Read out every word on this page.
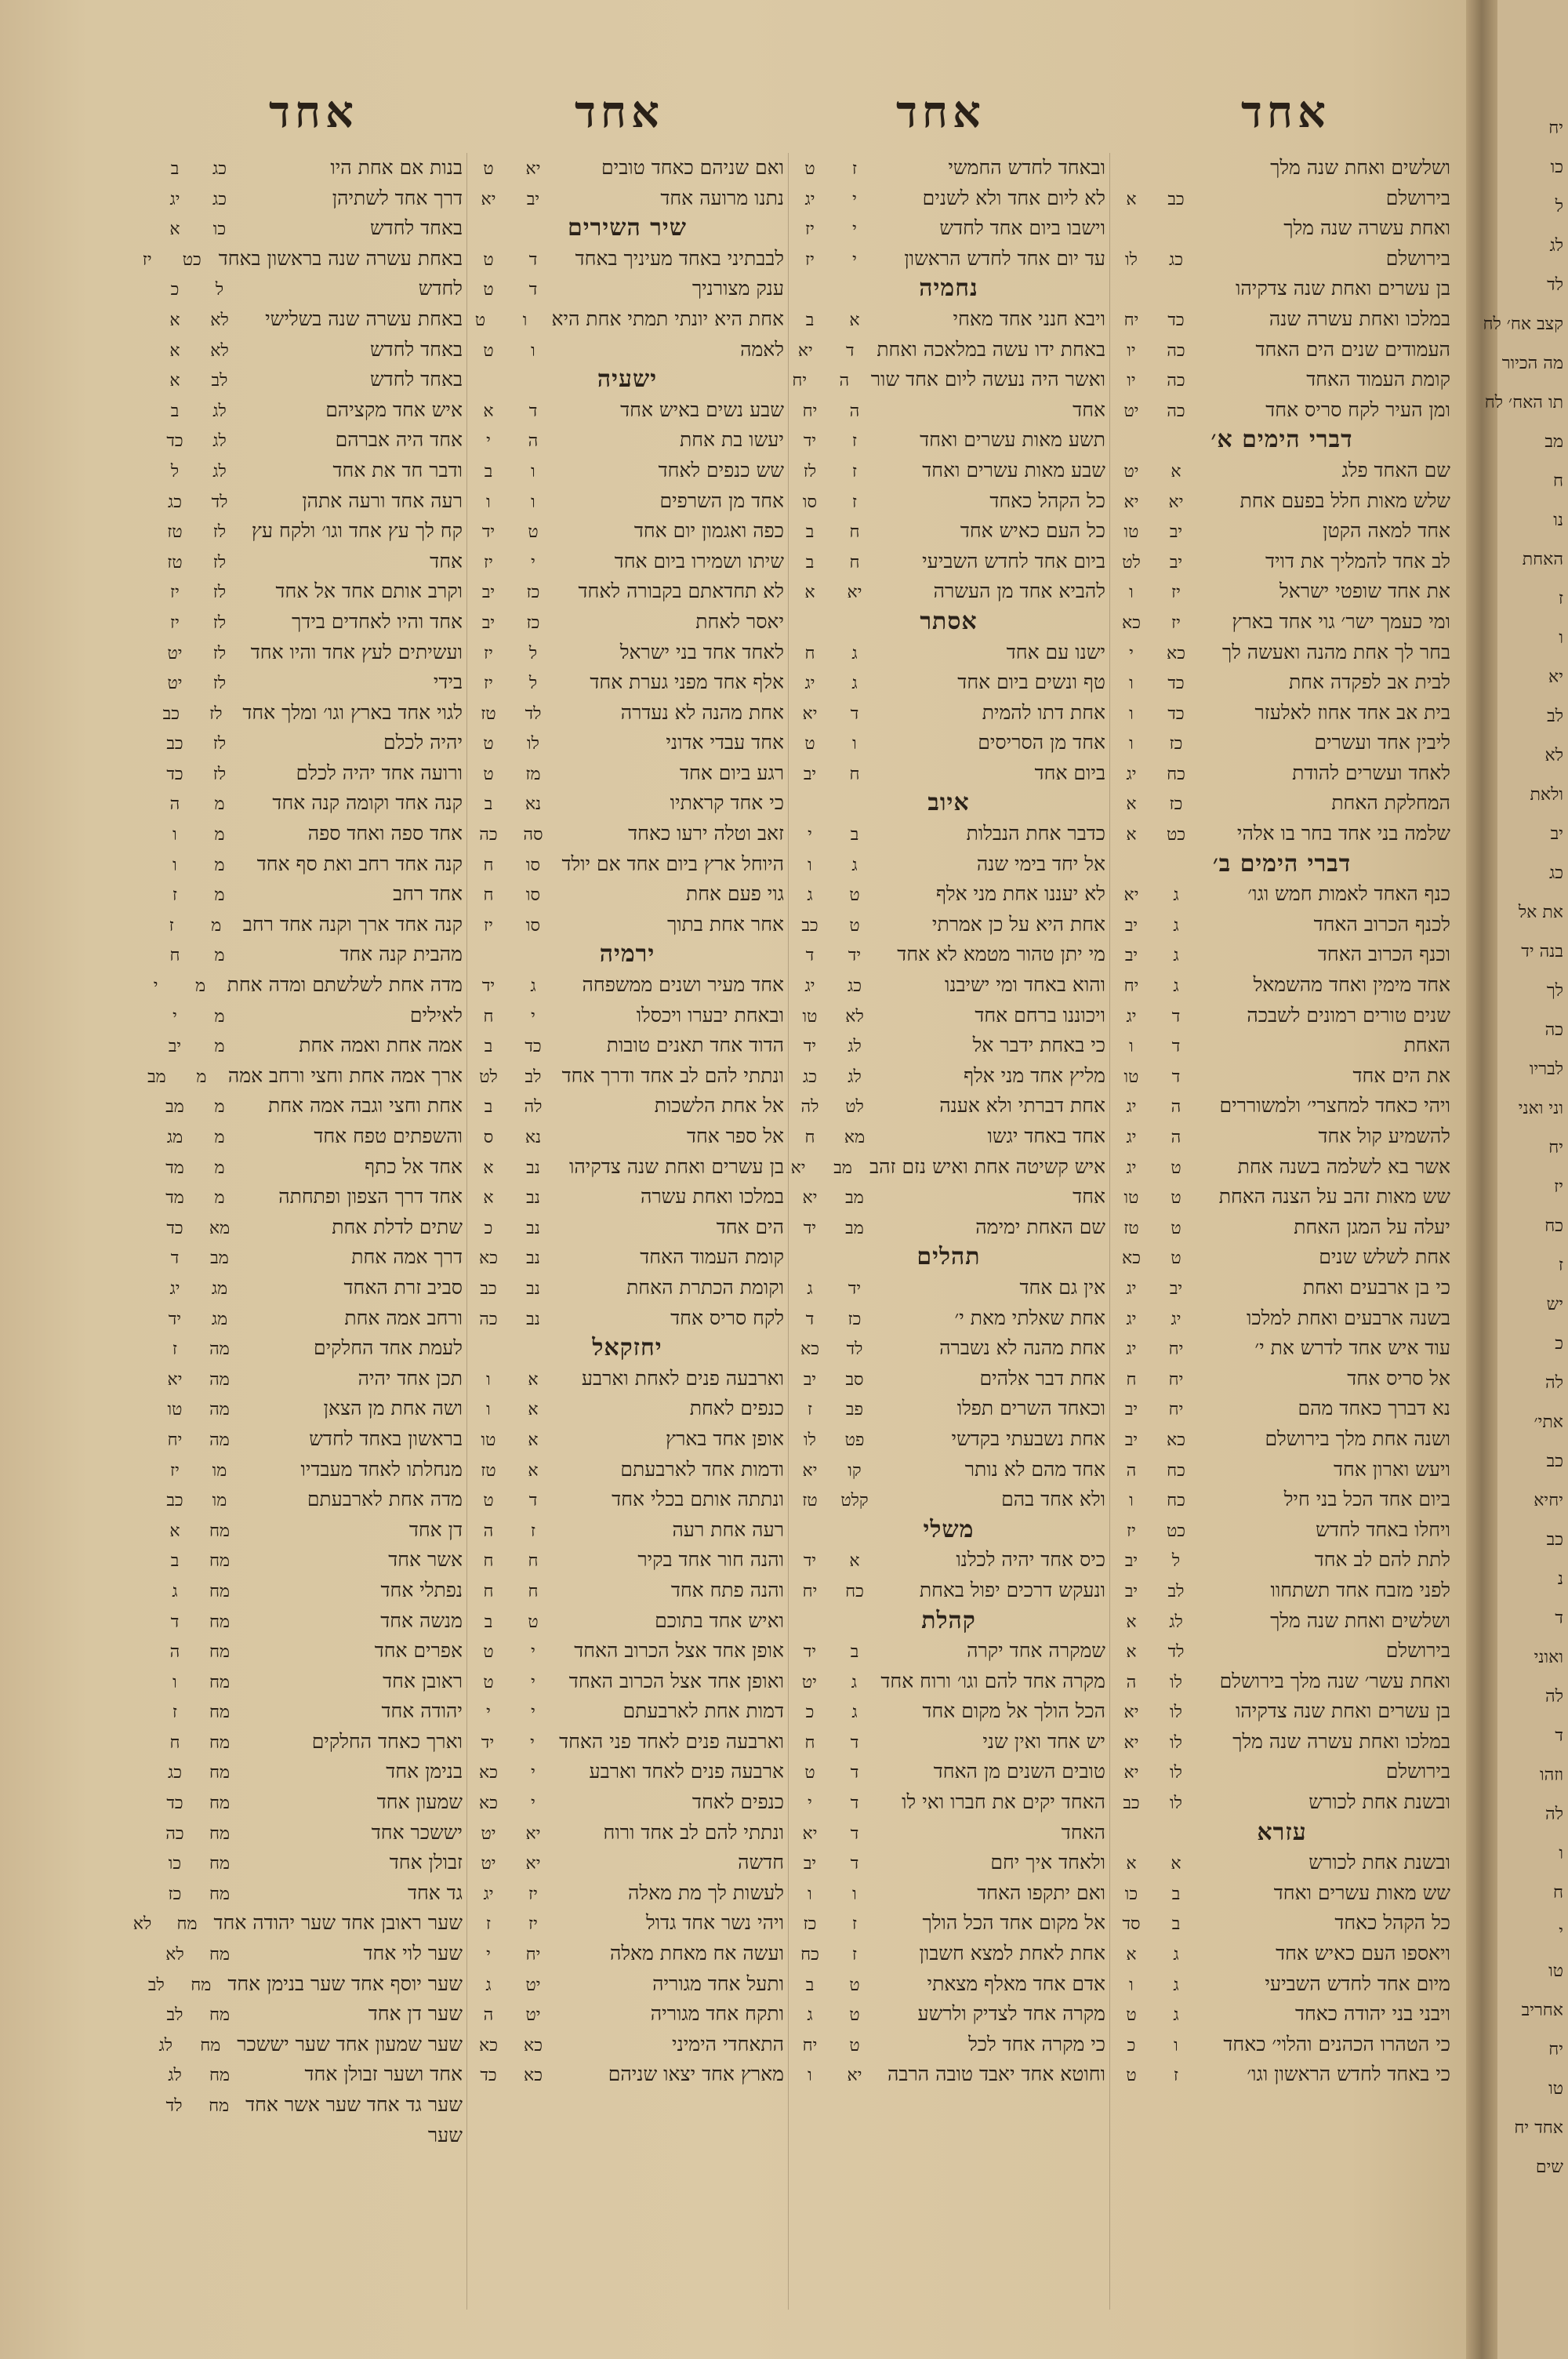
יח
כו
ל
לג
לד
קצב אח׳ לח
מה הכיור
תו האח׳ לח
מב
ח
נו
האחת
ז
ו
יא
לב
לא
ולאת
יב
כג
את אל
בנה יד
לך
כה
לבריו
וני ואני
יח
יז
כח
ז
יש
כ
לה
אתי׳
כב
יחיא
כב
נ
ד
ואוני
לה
ד
וזהו
לה
ו
ח
י
טו
אחריב
יח
טו
אחד יח
שים
אחד
אחד
אחד
אחד
ושלשים ואחת שנה מלך
בירושלם
כב
א
ואחת עשרה שנה מלך
בירושלם
כג
לו
בן עשרים ואחת שנה צדקיהו
במלכו ואחת עשרה שנה
כד
יח
העמודים שנים הים האחד
כה
יו
קומת העמוד האחד
כה
יו
ומן העיר לקח סריס אחד
כה
יט
דברי הימים א׳
שם האחד פלג
א
יט
שלש מאות חלל בפעם אחת
יא
יא
אחד למאה הקטן
יב
טו
לב אחד להמליך את דויד
יב
לט
את אחד שופטי ישראל
יז
ו
ומי כעמך ישר׳ גוי אחד בארץ
יז
כא
בחר לך אחת מהנה ואעשה לך
כא
י
לבית אב לפקדה אחת
כד
ו
בית אב אחד אחוז לאלעזר
כד
ו
ליבין אחד ועשרים
כז
ו
לאחד ועשרים להודת
כח
יג
המחלקת האחת
כז
א
שלמה בני אחד בחר בו אלהי
כט
א
דברי הימים ב׳
כנף האחד לאמות חמש וגו׳
ג
יא
לכנף הכרוב האחד
ג
יב
וכנף הכרוב האחד
ג
יב
אחד מימין ואחד מהשמאל
ג
יח
שנים טורים רמונים לשבכה
ד
יג
האחת
ד
ו
את הים אחד
ד
טו
ויהי כאחד למחצרי׳ ולמשוררים
ה
יג
להשמיע קול אחד
ה
יג
אשר בא לשלמה בשנה אחת
ט
יג
שש מאות זהב על הצנה האחת
ט
טו
יעלה על המגן האחת
ט
טז
אחת לשלש שנים
ט
כא
כי בן ארבעים ואחת
יב
יג
בשנה ארבעים ואחת למלכו
יג
יג
עוד איש אחד לדרש את י׳
יח
יג
אל סריס אחד
יח
ח
נא דברך כאחד מהם
יח
יב
ושנה אחת מלך בירושלם
כא
יב
ויעש וארון אחד
כח
ה
ביום אחד הכל בני חיל
כח
ו
ויחלו באחד לחדש
כט
יז
לתת להם לב אחד
ל
יב
לפני מזבח אחד תשתחוו
לב
יב
ושלשים ואחת שנה מלך
לג
א
בירושלם
לד
א
ואחת עשר׳ שנה מלך בירושלם
לו
ה
בן עשרים ואחת שנה צדקיהו
לו
יא
במלכו ואחת עשרה שנה מלך
לו
יא
בירושלם
לו
יא
ובשנת אחת לכורש
לו
כב
עזרא
ובשנת אחת לכורש
א
א
שש מאות עשרים ואחד
ב
כו
כל הקהל כאחד
ב
סד
ויאספו העם כאיש אחד
ג
א
מיום אחד לחדש השביעי
ג
ו
ויבני בני יהודה כאחד
ג
ט
כי הטהרו הכהנים והלוי׳ כאחד
ו
כ
כי באחד לחדש הראשון וגו׳
ז
ט
ובאחד לחדש החמשי
ז
ט
לא ליום אחד ולא לשנים
י
יג
וישבו ביום אחד לחדש
י
יז
עד יום אחד לחדש הראשון
י
יז
נחמיה
ויבא חנני אחד מאחי
א
ב
באחת ידו עשה במלאכה ואחת
ד
יא
ואשר היה נעשה ליום אחד שור
ה
יח
אחד
ה
יח
תשע מאות עשרים ואחד
ז
יד
שבע מאות עשרים ואחד
ז
לז
כל הקהל כאחד
ז
סו
כל העם כאיש אחד
ח
ב
ביום אחד לחדש השביעי
ח
ב
להביא אחד מן העשרה
יא
א
אסתר
ישנו עם אחד
ג
ח
טף ונשים ביום אחד
ג
יג
אחת דתו להמית
ד
יא
אחד מן הסריסים
ו
ט
ביום אחד
ח
יב
איוב
כדבר אחת הנבלות
ב
י
אל יחד בימי שנה
ג
ו
לא יעננו אחת מני אלף
ט
ג
אחת היא על כן אמרתי
ט
כב
מי יתן טהור מטמא לא אחד
יד
ד
והוא באחד ומי ישיבנו
כג
יג
ויכוננו ברחם אחד
לא
טו
כי באחת ידבר אל
לג
יד
מליץ אחד מני אלף
לג
כג
אחת דברתי ולא אענה
לט
לה
אחד באחד יגשו
מא
ח
איש קשיטה אחת ואיש נזם זהב
מב
יא
אחד
מב
יא
שם האחת ימימה
מב
יד
תהלים
אין גם אחד
יד
ג
אחת שאלתי מאת י׳
כז
ד
אחת מהנה לא נשברה
לד
כא
אחת דבר אלהים
סב
יב
וכאחד השרים תפלו
פב
ז
אחת נשבעתי בקדשי
פט
לו
אחד מהם לא נותר
קו
יא
ולא אחד בהם
קלט
טז
משלי
כיס אחד יהיה לכלנו
א
יד
ונעקש דרכים יפול באחת
כח
יח
קהלת
שמקרה אחד יקרה
ב
יד
מקרה אחד להם וגו׳ ורוח אחד
ג
יט
הכל הולך אל מקום אחד
ג
כ
יש אחד ואין שני
ד
ח
טובים השנים מן האחד
ד
ט
האחד יקים את חברו ואי לו
ד
י
האחד
ד
יא
ולאחד איך יחם
ד
יב
ואם יתקפו האחד
ו
ו
אל מקום אחד הכל הולך
ז
כז
אחת לאחת למצא חשבון
ז
כח
אדם אחד מאלף מצאתי
ט
ב
מקרה אחד לצדיק ולרשע
ט
ג
כי מקרה אחד לכל
ט
יח
וחוטא אחד יאבד טובה הרבה
יא
ו
ואם שניהם כאחד טובים
יא
ט
נתנו מרועה אחד
יב
יא
שיר השירים
לבבתיני באחד מעיניך באחד
ד
ט
ענק מצורניך
ד
ט
אחת היא יונתי תמתי אחת היא
ו
ט
לאמה
ו
ט
ישעיה
שבע נשים באיש אחד
ד
א
יעשו בת אחת
ה
י
שש כנפים לאחד
ו
ב
אחד מן השרפים
ו
ו
כפה ואגמון יום אחד
ט
יד
שיתו ושמירו ביום אחד
י
יז
לא תחדאתם בקבורה לאחד
כז
יב
יאסר לאחת
כז
יב
לאחד אחד בני ישראל
ל
יז
אלף אחד מפני גערת אחד
ל
יז
אחת מהנה לא נעדרה
לד
טז
אחד עבדי אדוני
לו
ט
רגע ביום אחד
מז
ט
כי אחד קראתיו
נא
ב
זאב וטלה ירעו כאחד
סה
כה
היוחל ארץ ביום אחד אם יולד
סו
ח
גוי פעם אחת
סו
ח
אחר אחת בתוך
סו
יז
ירמיה
אחד מעיר ושנים ממשפחה
ג
יד
ובאחת יבערו ויכסלו
י
ח
הדוד אחד תאנים טובות
כד
ב
ונתתי להם לב אחד ודרך אחד
לב
לט
אל אחת הלשכות
לה
ב
אל ספר אחד
נא
ס
בן עשרים ואחת שנה צדקיהו
נב
א
במלכו ואחת עשרה
נב
א
הים אחד
נב
כ
קומת העמוד האחד
נב
כא
וקומת הכתרת האחת
נב
כב
לקח סריס אחד
נב
כה
יחזקאל
וארבעה פנים לאחת וארבע
א
ו
כנפים לאחת
א
ו
אופן אחד בארץ
א
טו
ודמות אחד לארבעתם
א
טז
ונתתה אותם בכלי אחד
ד
ט
רעה אחת רעה
ז
ה
והנה חור אחד בקיר
ח
ח
והנה פתח אחד
ח
ח
ואיש אחד בתוכם
ט
ב
אופן אחד אצל הכרוב האחד
י
ט
ואופן אחד אצל הכרוב האחד
י
ט
דמות אחת לארבעתם
י
י
וארבעה פנים לאחד פני האחד
י
יד
ארבעה פנים לאחד וארבע
י
כא
כנפים לאחד
י
כא
ונתתי להם לב אחד ורוח
יא
יט
חדשה
יא
יט
לעשות לך מת מאלה
יז
יג
ויהי נשר אחד גדול
יז
ז
ועשה אח מאחת מאלה
יח
י
ותעל אחד מגוריה
יט
ג
ותקח אחד מגוריה
יט
ה
התאחדי הימיני
כא
כא
מארץ אחד יצאו שניהם
כא
כד
בנות אם אחת היו
כג
ב
דרך אחד לשתיהן
כג
יג
באחד לחדש
כו
א
באחת עשרה שנה בראשון באחד
כט
יז
לחדש
ל
כ
באחת עשרה שנה בשלישי
לא
א
באחד לחדש
לא
א
באחד לחדש
לב
א
איש אחד מקציהם
לג
ב
אחד היה אברהם
לג
כד
ודבר חד את אחד
לג
ל
רעה אחד ורעה אתהן
לד
כג
קח לך עץ אחד וגו׳ ולקח עץ
לז
טז
אחד
לז
טז
וקרב אותם אחד אל אחד
לז
יז
אחד והיו לאחדים בידך
לז
יז
ועשיתים לעץ אחד והיו אחד
לז
יט
בידי
לז
יט
לגוי אחד בארץ וגו׳ ומלך אחד
לז
כב
יהיה לכלם
לז
כב
ורועה אחד יהיה לכלם
לז
כד
קנה אחד וקומה קנה אחד
מ
ה
אחד ספה ואחד ספה
מ
ו
קנה אחד רחב ואת סף אחד
מ
ו
אחד רחב
מ
ז
קנה אחד ארך וקנה אחד רחב
מ
ז
מהבית קנה אחד
מ
ח
מדה אחת לשלשתם ומדה אחת
מ
י
לאילים
מ
י
אמה אחת ואמה אחת
מ
יב
ארך אמה אחת וחצי ורחב אמה
מ
מב
אחת וחצי וגבה אמה אחת
מ
מב
והשפתים טפח אחד
מ
מג
אחד אל כתף
מ
מד
אחד דרך הצפון ופתחתה
מ
מד
שתים לדלת אחת
מא
כד
דרך אמה אחת
מב
ד
סביב זרת האחד
מג
יג
ורחב אמה אחת
מג
יד
לעמת אחד החלקים
מה
ז
תכן אחד יהיה
מה
יא
ושה אחת מן הצאן
מה
טו
בראשון באחד לחדש
מה
יח
מנחלתו לאחד מעבדיו
מו
יז
מדה אחת לארבעתם
מו
כב
דן אחד
מח
א
אשר אחד
מח
ב
נפתלי אחד
מח
ג
מנשה אחד
מח
ד
אפרים אחד
מח
ה
ראובן אחד
מח
ו
יהודה אחד
מח
ז
וארך כאחד החלקים
מח
ח
בנימן אחד
מח
כג
שמעון אחד
מח
כד
יששכר אחד
מח
כה
זבולן אחד
מח
כו
גד אחד
מח
כז
שער ראובן אחד שער יהודה אחד
מח
לא
שער לוי אחד
מח
לא
שער יוסף אחד שער בנימן אחד
מח
לב
שער דן אחד
מח
לב
שער שמעון אחד שער יששכר
מח
לג
אחד ושער זבולן אחד
מח
לג
שער גד אחד שער אשר אחד
מח
לד
שער
